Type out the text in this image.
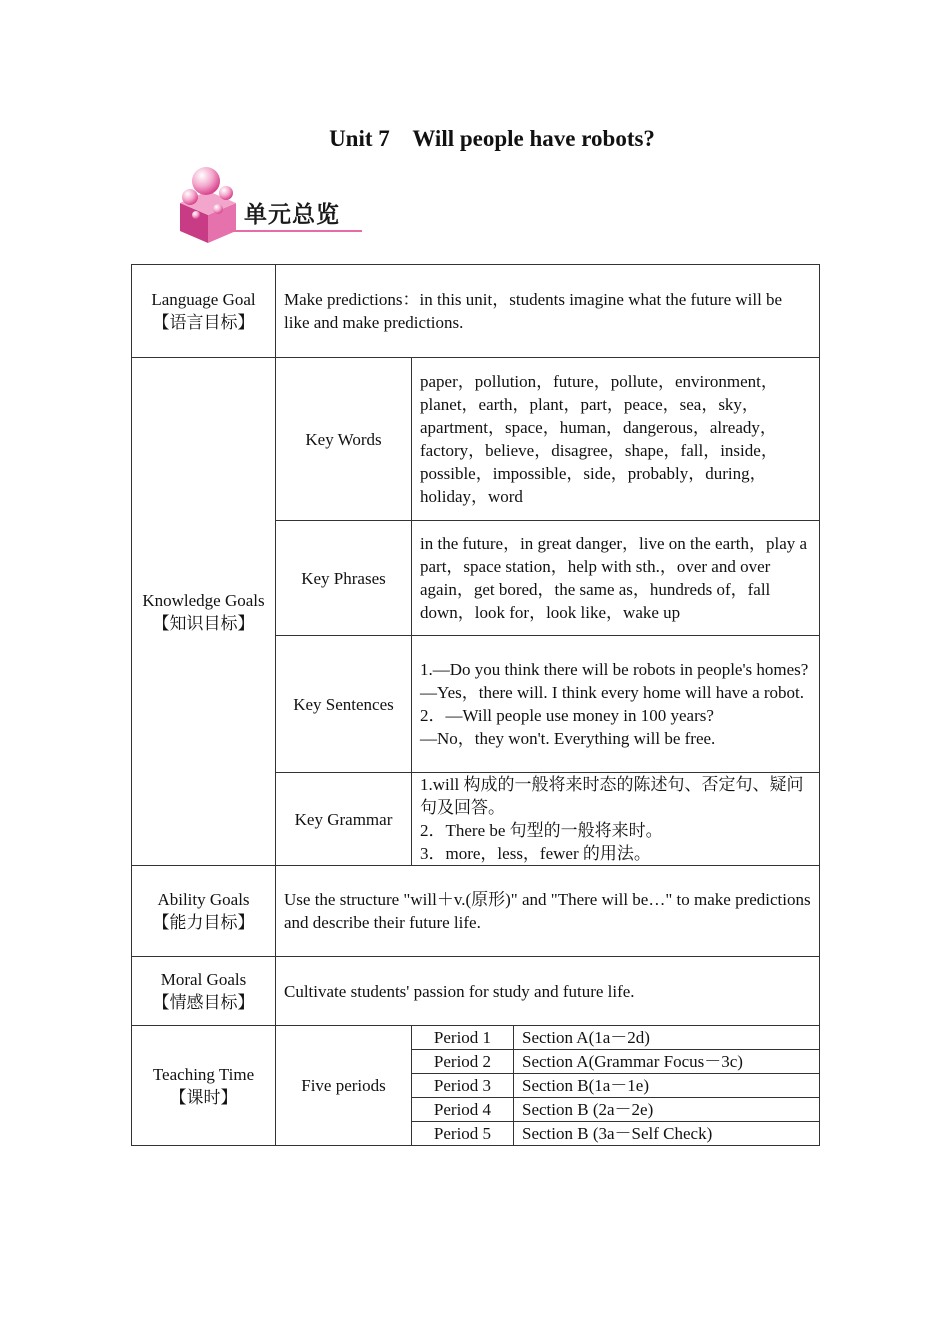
Unit 7    Will people have robots?
单元总览
Language Goal
【语言目标】	Make predictions：in this unit，students imagine what the future will be like and make predictions.		

Knowledge Goals
【知识目标】	Key Words	paper，pollution，future，pollute，environment，planet，earth，plant，part，peace，sea，sky，apartment，space，human，dangerous，already，factory，believe，disagree，shape，fall，inside，possible，impossible，side，probably，during，holiday，word	
	Key Phrases	in the future，in great danger，live on the earth，play a part，space station，help with sth.，over and over again，get bored，the same as，hundreds of，fall down，look for，look like，wake up	
	Key Sentences	1.—Do you think there will be robots in people's homes?
—Yes，there will. I think every home will have a robot.
2．—Will people use money in 100 years?
—No，they won't. Everything will be free.	

	Key Grammar	1.will 构成的一般将来时态的陈述句、否定句、疑问句及回答。
2．There be 句型的一般将来时。
3．more，less，fewer 的用法。	

Ability Goals
【能力目标】	Use the structure "will＋v.(原形)" and "There will be…" to make predictions and describe their future life.		

Moral Goals
【情感目标】	Cultivate students' passion for study and future life.		

Teaching Time
【课时】	Five periods	Period 1	Section A(1a－2d)
		Period 2	Section A(Grammar Focus－3c)
		Period 3	Section B(1a－1e)
		Period 4	Section B (2a－2e)
		Period 5	Section B (3a－Self Check)
